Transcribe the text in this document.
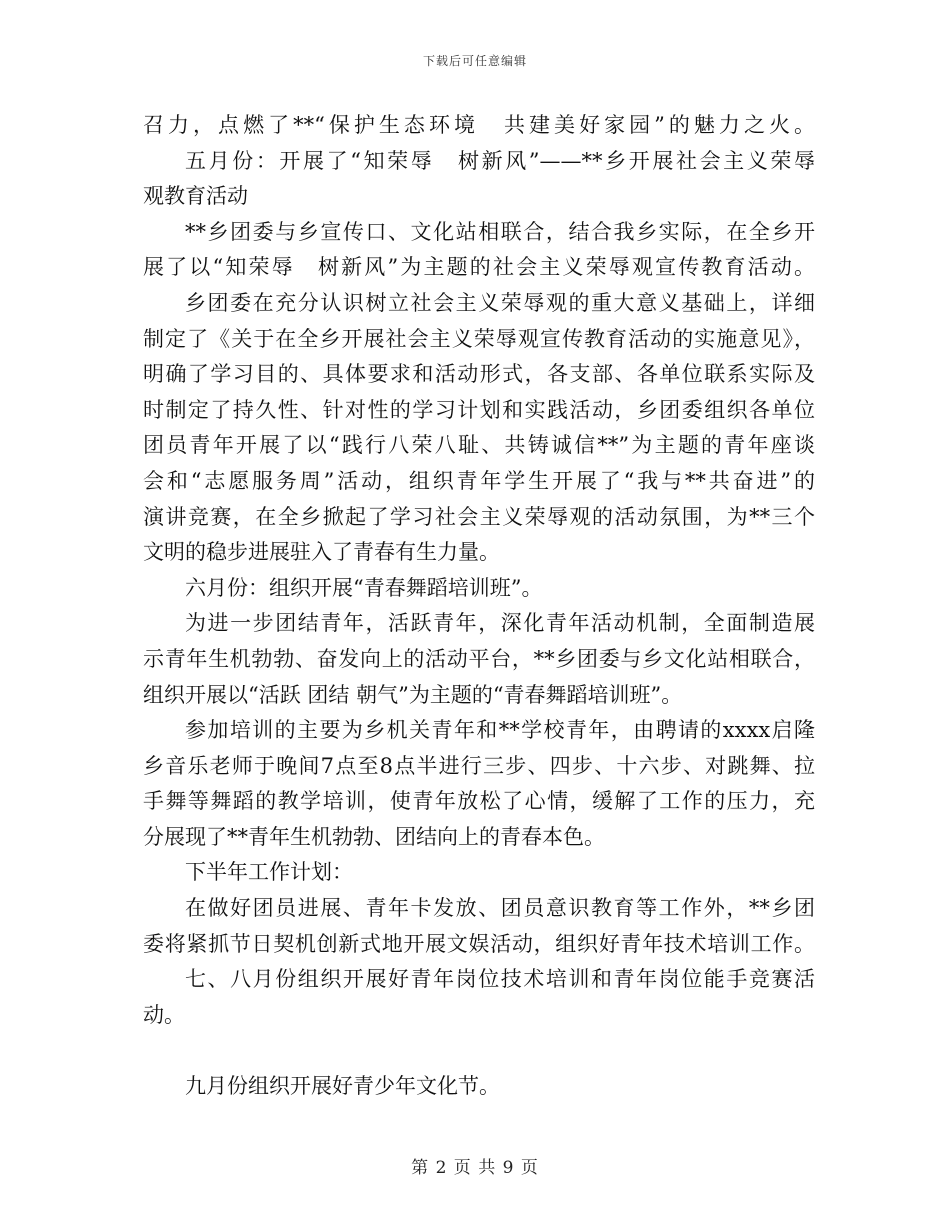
下载后可任意编辑
召力，点燃了**“保护生态环境　共建美好家园”的魅力之火。
五月份：开展了“知荣辱　树新风”——**乡开展社会主义荣辱
观教育活动
**乡团委与乡宣传口、文化站相联合，结合我乡实际，在全乡开
展了以“知荣辱　树新风”为主题的社会主义荣辱观宣传教育活动。
乡团委在充分认识树立社会主义荣辱观的重大意义基础上，详细
制定了《关于在全乡开展社会主义荣辱观宣传教育活动的实施意见》，
明确了学习目的、具体要求和活动形式，各支部、各单位联系实际及
时制定了持久性、针对性的学习计划和实践活动，乡团委组织各单位
团员青年开展了以“践行八荣八耻、共铸诚信**”为主题的青年座谈
会和“志愿服务周”活动，组织青年学生开展了“我与**共奋进”的
演讲竞赛，在全乡掀起了学习社会主义荣辱观的活动氛围，为**三个
文明的稳步进展驻入了青春有生力量。
六月份：组织开展“青春舞蹈培训班”。
为进一步团结青年，活跃青年，深化青年活动机制，全面制造展
示青年生机勃勃、奋发向上的活动平台，**乡团委与乡文化站相联合，
组织开展以“活跃 团结 朝气”为主题的“青春舞蹈培训班”。
参加培训的主要为乡机关青年和**学校青年，由聘请的xxxx启隆
乡音乐老师于晚间7点至8点半进行三步、四步、十六步、对跳舞、拉
手舞等舞蹈的教学培训，使青年放松了心情，缓解了工作的压力，充
分展现了**青年生机勃勃、团结向上的青春本色。
下半年工作计划：
在做好团员进展、青年卡发放、团员意识教育等工作外，**乡团
委将紧抓节日契机创新式地开展文娱活动，组织好青年技术培训工作。
七、八月份组织开展好青年岗位技术培训和青年岗位能手竞赛活
动。
九月份组织开展好青少年文化节。
第 2 页 共 9 页
